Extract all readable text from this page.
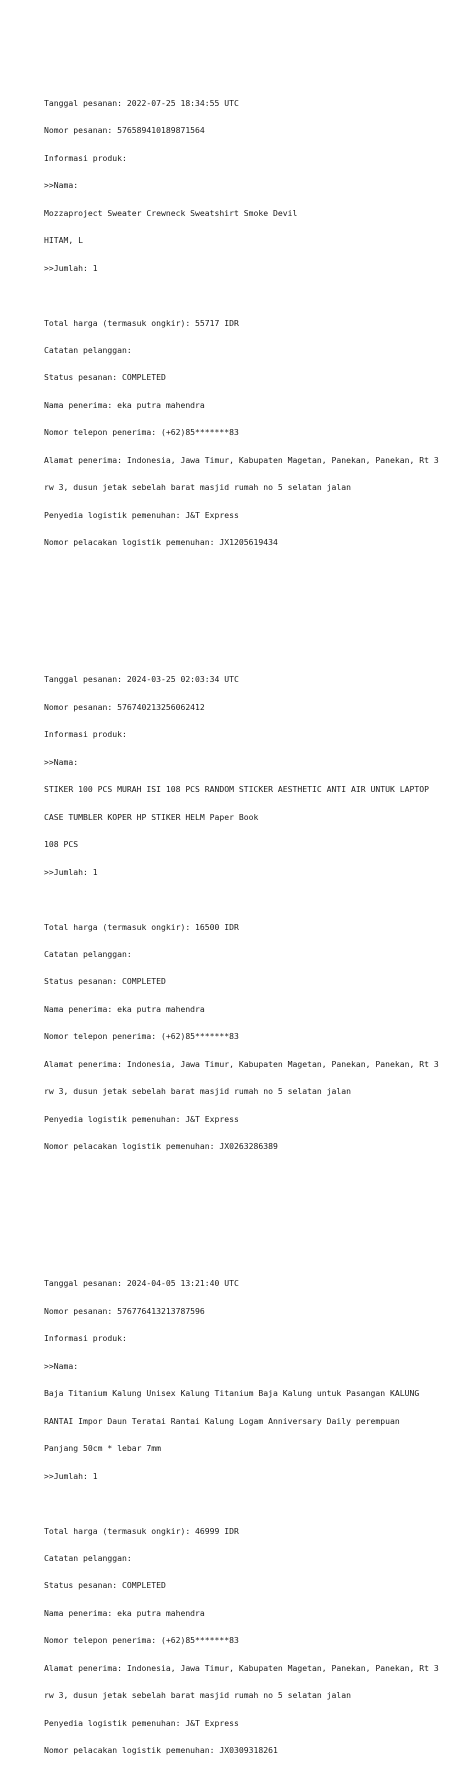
Tanggal pesanan: 2022-07-25 18:34:55 UTC

Nomor pesanan: 576589410189871564

Informasi produk:

>>Nama:

Mozzaproject Sweater Crewneck Sweatshirt Smoke Devil

HITAM, L

>>Jumlah: 1

Total harga (termasuk ongkir): 55717 IDR

Catatan pelanggan:

Status pesanan: COMPLETED

Nama penerima: eka putra mahendra

Nomor telepon penerima: (+62)85*******83

Alamat penerima: Indonesia, Jawa Timur, Kabupaten Magetan, Panekan, Panekan, Rt 3

rw 3, dusun jetak sebelah barat masjid rumah no 5 selatan jalan

Penyedia logistik pemenuhan: J&T Express

Nomor pelacakan logistik pemenuhan: JX1205619434

Tanggal pesanan: 2024-03-25 02:03:34 UTC

Nomor pesanan: 576740213256062412

Informasi produk:

>>Nama:

STIKER 100 PCS MURAH ISI 108 PCS RANDOM STICKER AESTHETIC ANTI AIR UNTUK LAPTOP

CASE TUMBLER KOPER HP STIKER HELM Paper Book

108 PCS

>>Jumlah: 1

Total harga (termasuk ongkir): 16500 IDR

Catatan pelanggan:

Status pesanan: COMPLETED

Nama penerima: eka putra mahendra

Nomor telepon penerima: (+62)85*******83

Alamat penerima: Indonesia, Jawa Timur, Kabupaten Magetan, Panekan, Panekan, Rt 3

rw 3, dusun jetak sebelah barat masjid rumah no 5 selatan jalan

Penyedia logistik pemenuhan: J&T Express

Nomor pelacakan logistik pemenuhan: JX0263286389

Tanggal pesanan: 2024-04-05 13:21:40 UTC

Nomor pesanan: 576776413213787596

Informasi produk:

>>Nama:

Baja Titanium Kalung Unisex Kalung Titanium Baja Kalung untuk Pasangan KALUNG

RANTAI Impor Daun Teratai Rantai Kalung Logam Anniversary Daily perempuan

Panjang 50cm * lebar 7mm

>>Jumlah: 1

Total harga (termasuk ongkir): 46999 IDR

Catatan pelanggan:

Status pesanan: COMPLETED

Nama penerima: eka putra mahendra

Nomor telepon penerima: (+62)85*******83

Alamat penerima: Indonesia, Jawa Timur, Kabupaten Magetan, Panekan, Panekan, Rt 3

rw 3, dusun jetak sebelah barat masjid rumah no 5 selatan jalan

Penyedia logistik pemenuhan: J&T Express

Nomor pelacakan logistik pemenuhan: JX0309318261
